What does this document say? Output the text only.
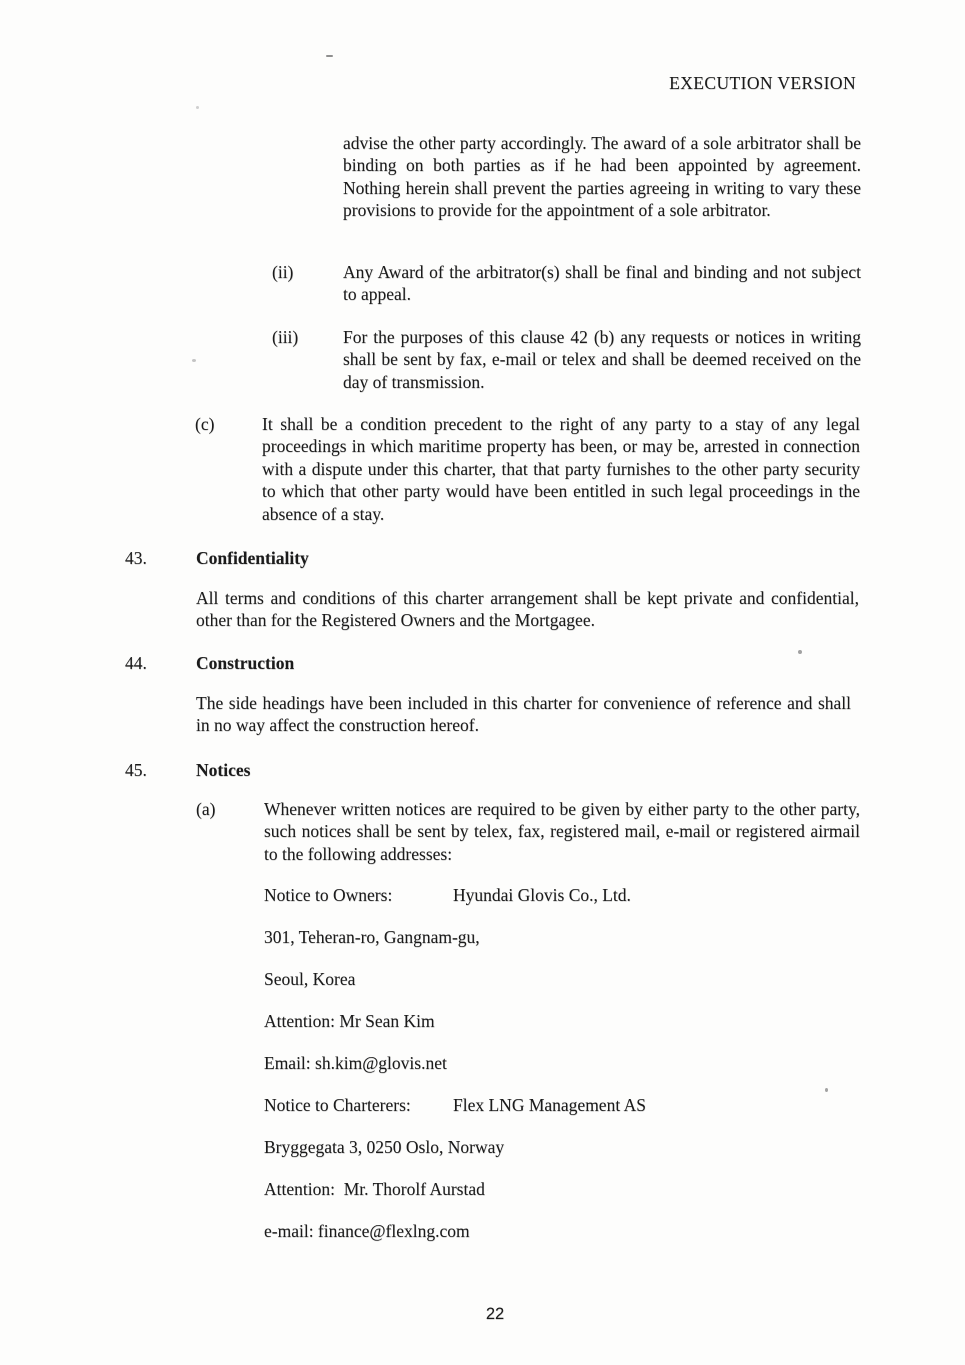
EXECUTION VERSION
advise the other party accordingly. The award of a sole arbitrator shall be binding on both parties as if he had been appointed by agreement. Nothing herein shall prevent the parties agreeing in writing to vary these provisions to provide for the appointment of a sole arbitrator.
(ii)	Any Award of the arbitrator(s) shall be final and binding and not subject to appeal.
(iii)	For the purposes of this clause 42 (b) any requests or notices in writing shall be sent by fax, e-mail or telex and shall be deemed received on the day of transmission.
(c)	It shall be a condition precedent to the right of any party to a stay of any legal proceedings in which maritime property has been, or may be, arrested in connection with a dispute under this charter, that that party furnishes to the other party security to which that other party would have been entitled in such legal proceedings in the absence of a stay.
43.	Confidentiality
All terms and conditions of this charter arrangement shall be kept private and confidential, other than for the Registered Owners and the Mortgagee.
44.	Construction
The side headings have been included in this charter for convenience of reference and shall in no way affect the construction hereof.
45.	Notices
(a)	Whenever written notices are required to be given by either party to the other party, such notices shall be sent by telex, fax, registered mail, e-mail or registered airmail to the following addresses:
Notice to Owners:	Hyundai Glovis Co., Ltd.
301, Teheran-ro, Gangnam-gu,
Seoul, Korea
Attention: Mr Sean Kim
Email: sh.kim@glovis.net
Notice to Charterers: Flex LNG Management AS
Bryggegata 3, 0250 Oslo, Norway
Attention:  Mr. Thorolf Aurstad
e-mail: finance@flexlng.com
22
